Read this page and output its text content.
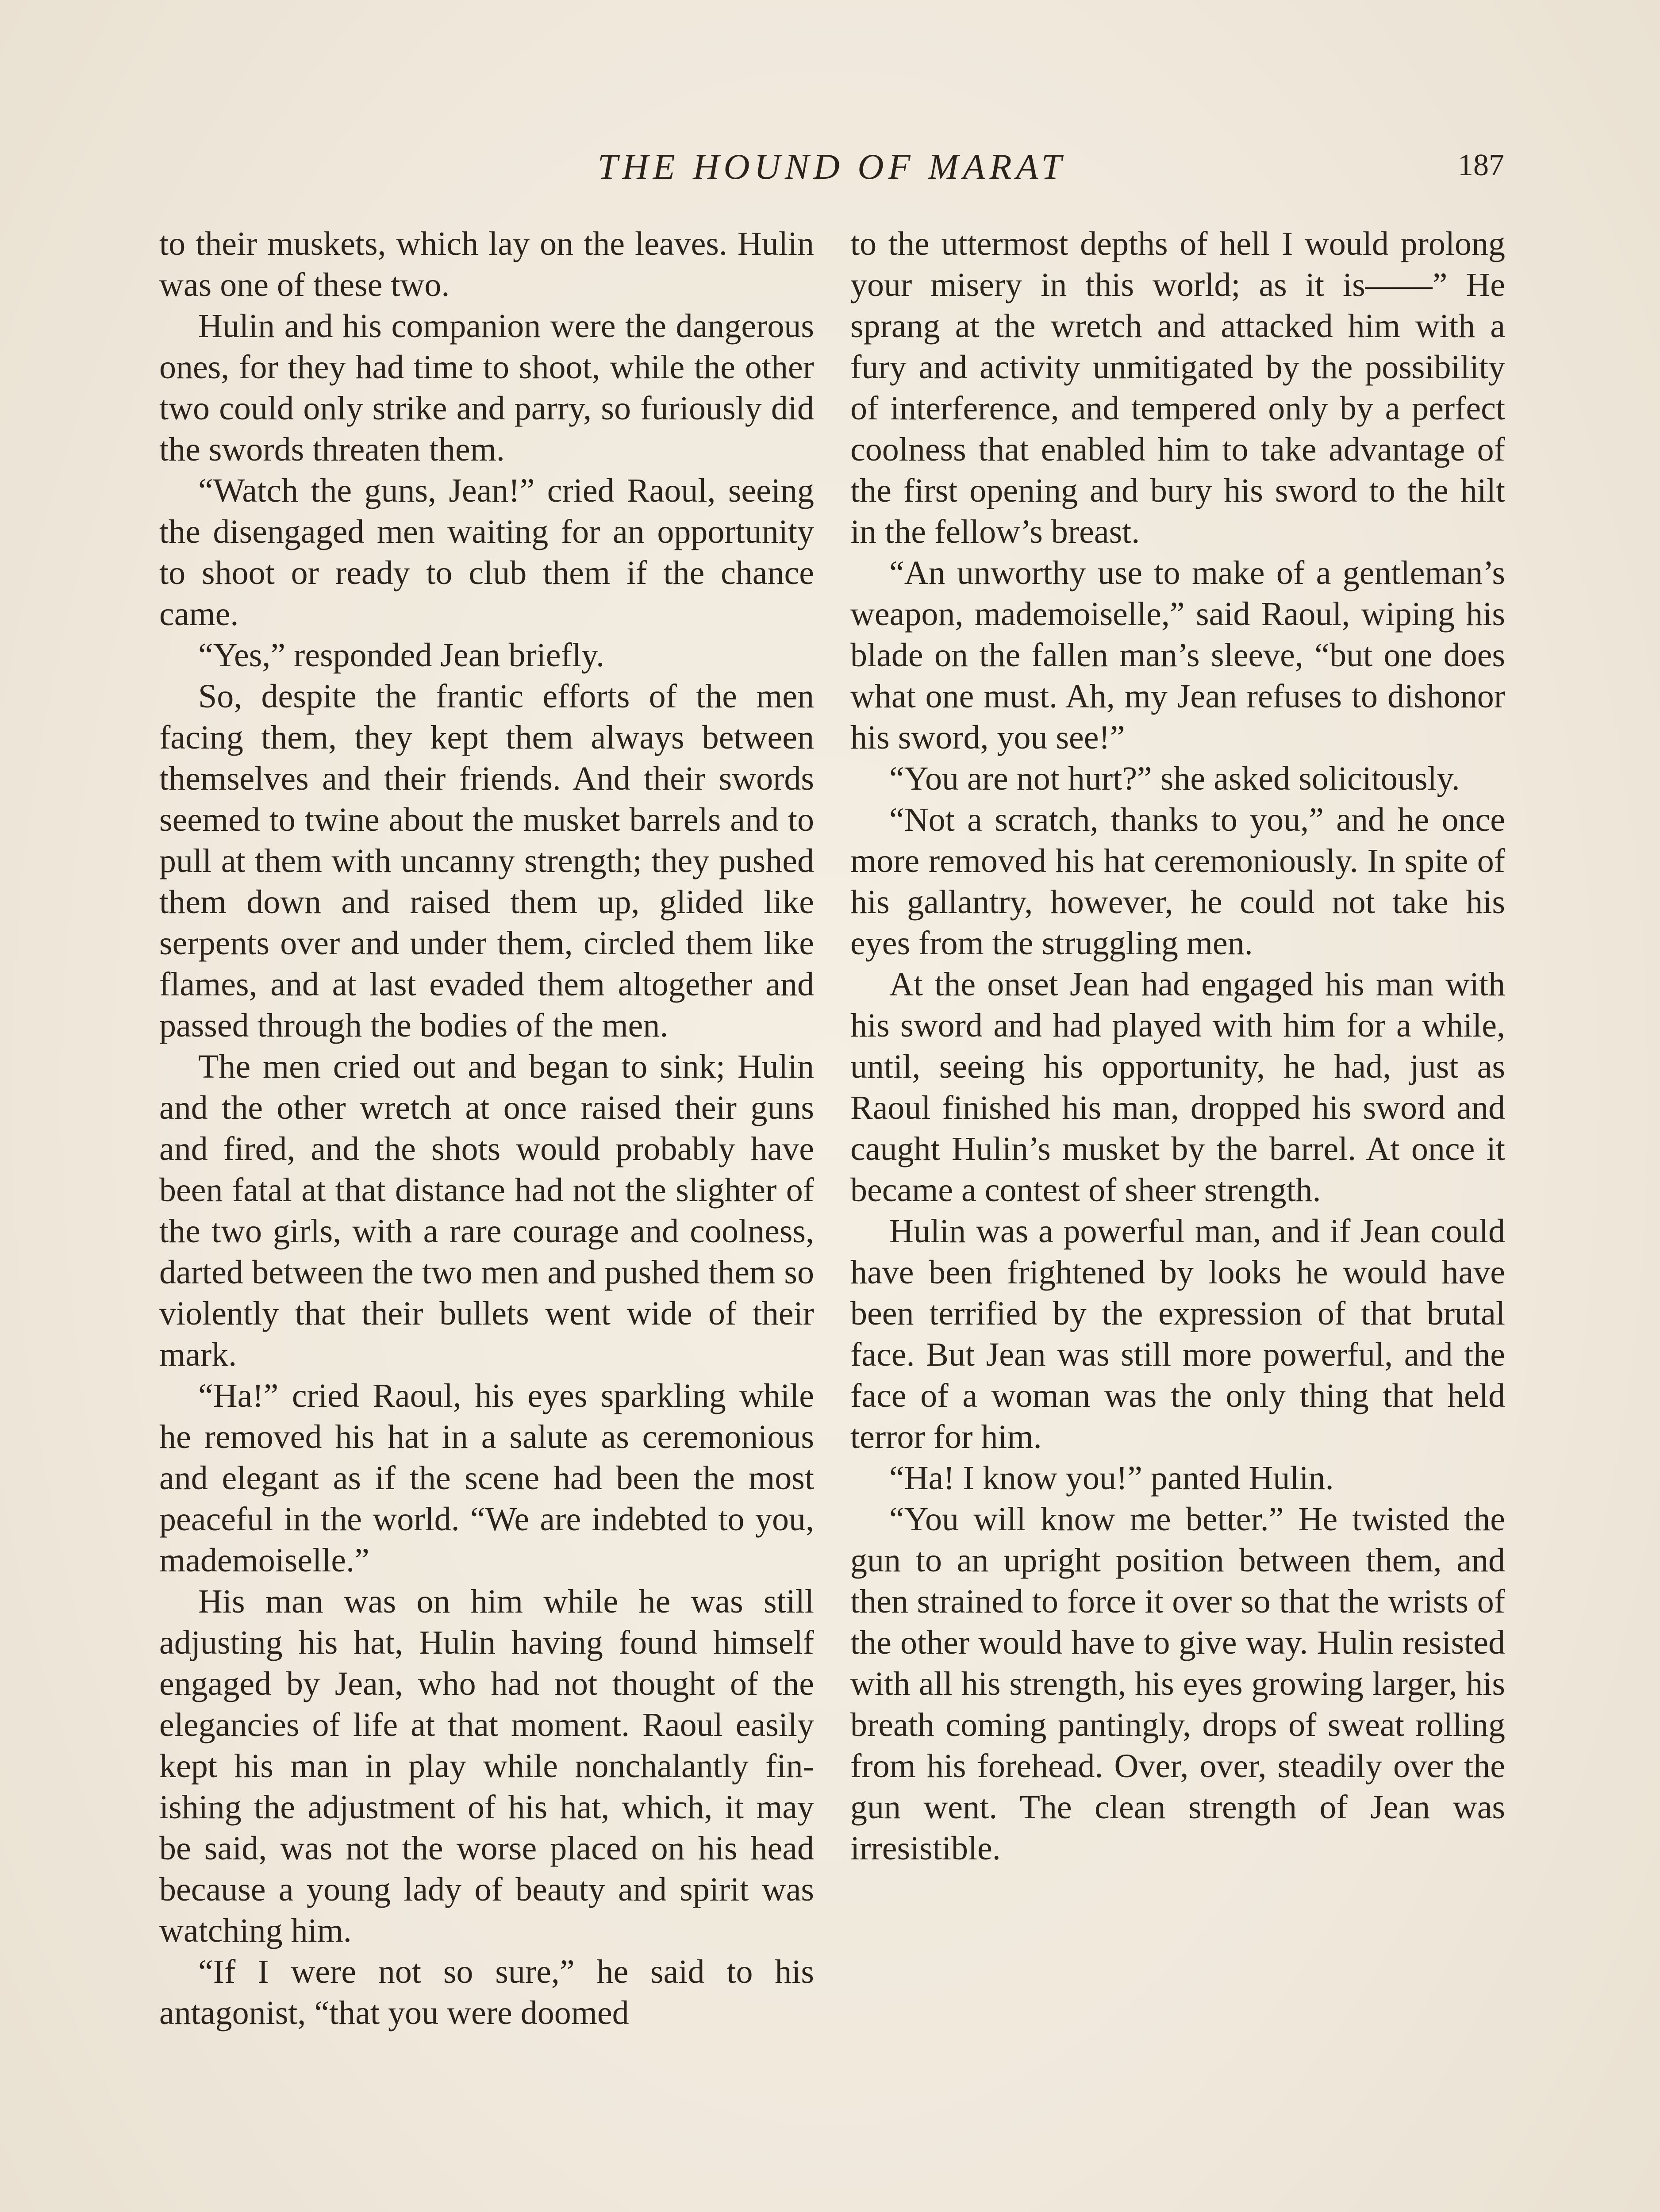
THE HOUND OF MARAT	187

to their muskets, which lay on the leaves. Hulin was one of these two.

Hulin and his companion were the dangerous ones, for they had time to shoot, while the other two could only strike and parry, so furiously did the swords threaten them.

“Watch the guns, Jean!” cried Raoul, seeing the disengaged men waiting for an opportunity to shoot or ready to club them if the chance came.

“Yes,” responded Jean briefly.

So, despite the frantic efforts of the men facing them, they kept them always between themselves and their friends. And their swords seemed to twine about the musket barrels and to pull at them with uncanny strength; they pushed them down and raised them up, glided like serpents over and under them, circled them like flames, and at last evaded them altogether and passed through the bodies of the men.

The men cried out and began to sink; Hulin and the other wretch at once raised their guns and fired, and the shots would probably have been fatal at that distance had not the slighter of the two girls, with a rare courage and coolness, darted between the two men and pushed them so violently that their bullets went wide of their mark.

“Ha!” cried Raoul, his eyes sparkling while he removed his hat in a salute as ceremonious and elegant as if the scene had been the most peaceful in the world. “We are indebted to you, mademoiselle.”

His man was on him while he was still adjusting his hat, Hulin having found himself engaged by Jean, who had not thought of the elegancies of life at that moment. Raoul easily kept his man in play while nonchalantly finishing the adjustment of his hat, which, it may be said, was not the worse placed on his head because a young lady of beauty and spirit was watching him.

“If I were not so sure,” he said to his antagonist, “that you were doomed

to the uttermost depths of hell I would prolong your misery in this world; as it is——” He sprang at the wretch and attacked him with a fury and activity unmitigated by the possibility of interference, and tempered only by a perfect coolness that enabled him to take advantage of the first opening and bury his sword to the hilt in the fellow’s breast.

“An unworthy use to make of a gentleman’s weapon, mademoiselle,” said Raoul, wiping his blade on the fallen man’s sleeve, “but one does what one must. Ah, my Jean refuses to dishonor his sword, you see!”

“You are not hurt?” she asked solicitously.

“Not a scratch, thanks to you,” and he once more removed his hat ceremoniously. In spite of his gallantry, however, he could not take his eyes from the struggling men.

At the onset Jean had engaged his man with his sword and had played with him for a while, until, seeing his opportunity, he had, just as Raoul finished his man, dropped his sword and caught Hulin’s musket by the barrel. At once it became a contest of sheer strength.

Hulin was a powerful man, and if Jean could have been frightened by looks he would have been terrified by the expression of that brutal face. But Jean was still more powerful, and the face of a woman was the only thing that held terror for him.

“Ha! I know you!” panted Hulin.

“You will know me better.” He twisted the gun to an upright position between them, and then strained to force it over so that the wrists of the other would have to give way. Hulin resisted with all his strength, his eyes growing larger, his breath coming pantingly, drops of sweat rolling from his forehead. Over, over, steadily over the gun went. The clean strength of Jean was irresistible.
